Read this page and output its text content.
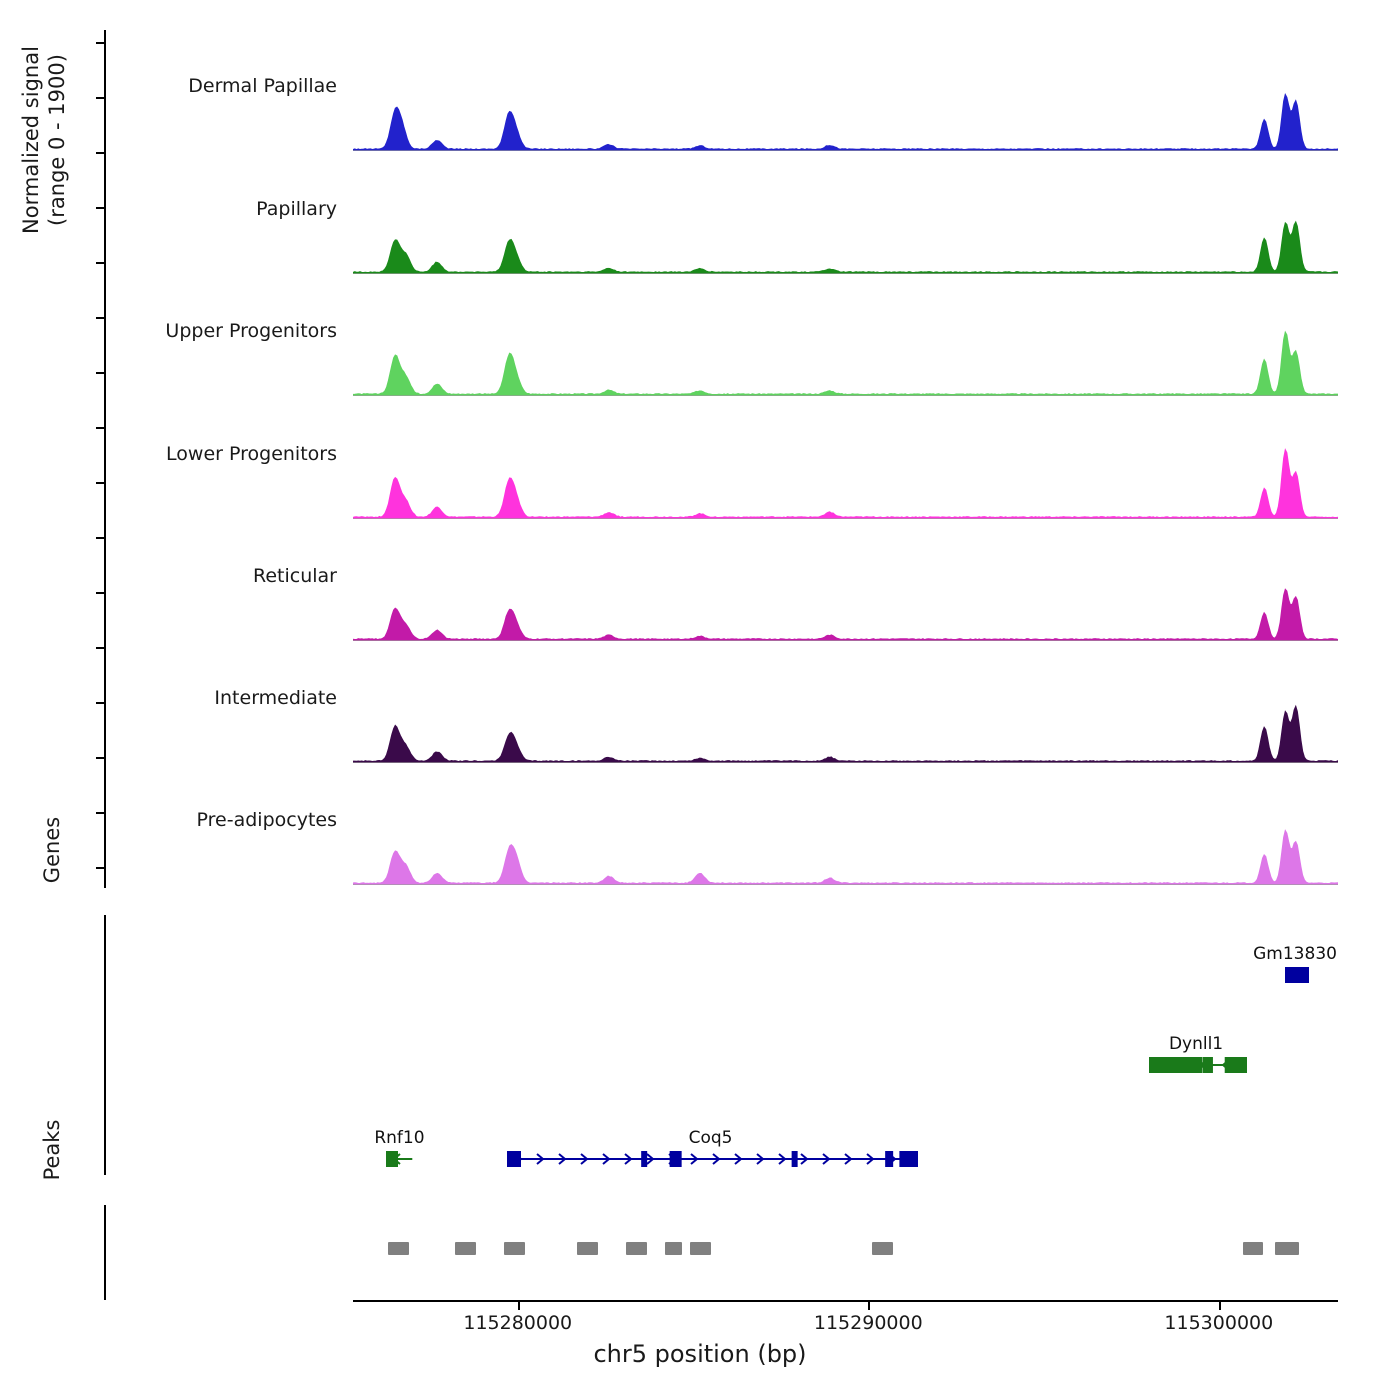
Normalized signal (range 0 - 1900)
Genes
Peaks
Dermal Papillae
Papillary
Upper Progenitors
Lower Progenitors
Reticular
Intermediate
Pre-adipocytes
Rnf10	Coq5
Dynll1
Gm13830
115280000	115290000	115300000
chr5 position (bp)
